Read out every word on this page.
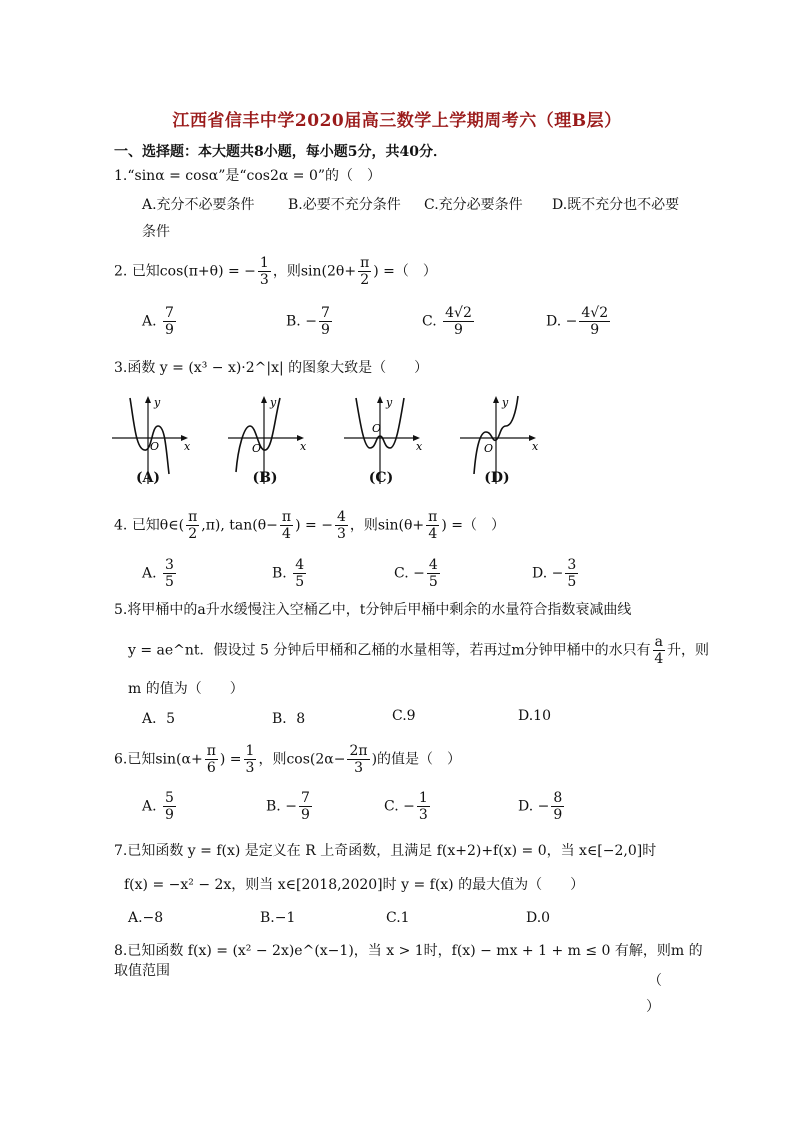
江西省信丰中学2020届高三数学上学期周考六（理B层）
一、选择题：本大题共8小题，每小题5分，共40分．
1.“sinα = cosα”是“cos2α = 0”的（　）
A.充分不必要条件 B.必要不充分条件 C.充分必要条件 D.既不充分也不必要
条件
2. 已知cos(π+θ) = − $\frac{1}{3}$ ，则$\sin(2\theta+ \frac{\pi}{2}$ ) =（　）
A. $\frac{7}{9}$	B. − $\frac{7}{9}$	C. $\frac{4√2}{9}$	D. − $\frac{4√2}{9}$
3.函数 y = (x³ − x)·2^|x| 的图象大致是（　　）
y
x
O
(A)
y
x
O
(B)
y
x
O
(C)
y
x
O
(D)
4. 已知θ∈( $\frac{\pi}{2} ,\pi$), $\tan(\theta- \frac{\pi}{4}$ ) = − $\frac{4}{3}$ ，则$\sin(\theta+ \frac{\pi}{4}$ ) =（　）
A. $\frac{3}{5}$	B. $\frac{4}{5}$	C. − $\frac{4}{5}$	D. − $\frac{3}{5}$
5.将甲桶中的a升水缓慢注入空桶乙中，t分钟后甲桶中剩余的水量符合指数衰减曲线
y = ae^nt．假设过 5 分钟后甲桶和乙桶的水量相等，若再过m分钟甲桶中的水只有 $\frac{a}{4}$ 升，则
m 的值为（　　）
A．5	B．8	C.9	D.10
6.已知$\sin(\alpha+ \frac{\pi}{6}$ ) = $\frac{1}{3}$ ，则$\cos(2\alpha- \frac{2\pi}{3}$ )的值是（　）
A. $\frac{5}{9}$	B. − $\frac{7}{9}$	C. − $\frac{1}{3}$	D. − $\frac{8}{9}$
7.已知函数 y = f(x) 是定义在 R 上奇函数，且满足 f(x+2)+f(x) = 0，当 x∈[−2,0]时
f(x) = −x² − 2x，则当 x∈[2018,2020]时 y = f(x) 的最大值为（　　）
A.−8	B.−1	C.1	D.0
8.已知函数 f(x) = (x² − 2x)e^(x−1)，当 x > 1时，f(x) − mx + 1 + m ≤ 0 有解，则m 的取值范围
（
）
